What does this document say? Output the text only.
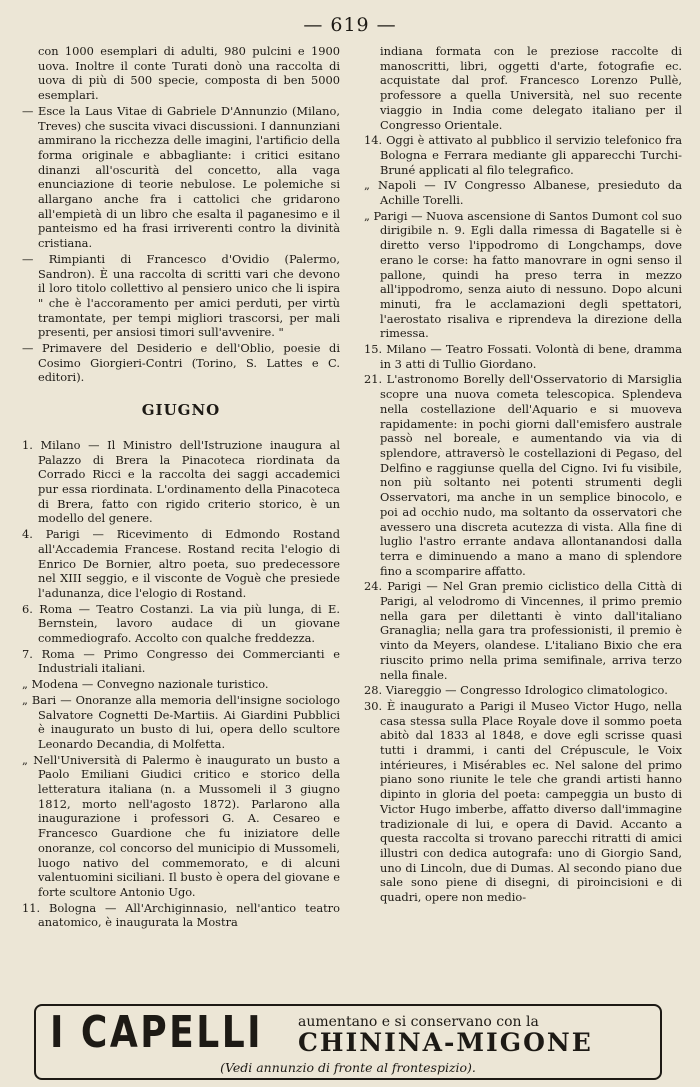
— 619 —

con 1000 esemplari di adulti, 980 pulcini e 1900 uova. Inoltre il conte Turati donò una raccolta di uova di più di 500 specie, composta di ben 5000 esemplari.

— Esce la Laus Vitae di Gabriele D'Annunzio (Milano, Treves) che suscita vivaci discussioni. I dannunziani ammirano la ricchezza delle imagini, l'artificio della forma originale e abbagliante: i critici esitano dinanzi all'oscurità del concetto, alla vaga enunciazione di teorie nebulose. Le polemiche si allargano anche fra i cattolici che gridarono all'empietà di un libro che esalta il paganesimo e il panteismo ed ha frasi irriverenti contro la divinità cristiana.

— Rimpianti di Francesco d'Ovidio (Palermo, Sandron). È una raccolta di scritti vari che devono il loro titolo collettivo al pensiero unico che li ispira " che è l'accoramento per amici perduti, per virtù tramontate, per tempi migliori trascorsi, per mali presenti, per ansiosi timori sull'avvenire. "

— Primavere del Desiderio e dell'Oblio, poesie di Cosimo Giorgieri-Contri (Torino, S. Lattes e C. editori).

GIUGNO

1. Milano — Il Ministro dell'Istruzione inaugura al Palazzo di Brera la Pinacoteca riordinata da Corrado Ricci e la raccolta dei saggi accademici pur essa riordinata. L'ordinamento della Pinacoteca di Brera, fatto con rigido criterio storico, è un modello del genere.

4. Parigi — Ricevimento di Edmondo Rostand all'Accademia Francese. Rostand recita l'elogio di Enrico De Bornier, altro poeta, suo predecessore nel XIII seggio, e il visconte de Voguè che presiede l'adunanza, dice l'elogio di Rostand.

6. Roma — Teatro Costanzi. La via più lunga, di E. Bernstein, lavoro audace di un giovane commediografo. Accolto con qualche freddezza.

7. Roma — Primo Congresso dei Commercianti e Industriali italiani.

„ Modena — Convegno nazionale turistico.

„ Bari — Onoranze alla memoria dell'insigne sociologo Salvatore Cognetti De-Martiis. Ai Giardini Pubblici è inaugurato un busto di lui, opera dello scultore Leonardo Decandia, di Molfetta.

„ Nell'Università di Palermo è inaugurato un busto a Paolo Emiliani Giudici critico e storico della letteratura italiana (n. a Mussomeli il 3 giugno 1812, morto nell'agosto 1872). Parlarono alla inaugurazione i professori G. A. Cesareo e Francesco Guardione che fu iniziatore delle onoranze, col concorso del municipio di Mussomeli, luogo nativo del commemorato, e di alcuni valentuomini siciliani. Il busto è opera del giovane e forte scultore Antonio Ugo.

11. Bologna — All'Archiginnasio, nell'antico teatro anatomico, è inaugurata la Mostra

indiana formata con le preziose raccolte di manoscritti, libri, oggetti d'arte, fotografie ec. acquistate dal prof. Francesco Lorenzo Pullè, professore a quella Università, nel suo recente viaggio in India come delegato italiano per il Congresso Orientale.

14. Oggi è attivato al pubblico il servizio telefonico fra Bologna e Ferrara mediante gli apparecchi Turchi-Bruné applicati al filo telegrafico.

„ Napoli — IV Congresso Albanese, presieduto da Achille Torelli.

„ Parigi — Nuova ascensione di Santos Dumont col suo dirigibile n. 9. Egli dalla rimessa di Bagatelle si è diretto verso l'ippodromo di Longchamps, dove erano le corse: ha fatto manovrare in ogni senso il pallone, quindi ha preso terra in mezzo all'ippodromo, senza aiuto di nessuno. Dopo alcuni minuti, fra le acclamazioni degli spettatori, l'aerostato risaliva e riprendeva la direzione della rimessa.

15. Milano — Teatro Fossati. Volontà di bene, dramma in 3 atti di Tullio Giordano.

21. L'astronomo Borelly dell'Osservatorio di Marsiglia scopre una nuova cometa telescopica. Splendeva nella costellazione dell'Aquario e si muoveva rapidamente: in pochi giorni dall'emisfero australe passò nel boreale, e aumentando via via di splendore, attraversò le costellazioni di Pegaso, del Delfino e raggiunse quella del Cigno. Ivi fu visibile, non più soltanto nei potenti strumenti degli Osservatori, ma anche in un semplice binocolo, e poi ad occhio nudo, ma soltanto da osservatori che avessero una discreta acutezza di vista. Alla fine di luglio l'astro errante andava allontanandosi dalla terra e diminuendo a mano a mano di splendore fino a scomparire affatto.

24. Parigi — Nel Gran premio ciclistico della Città di Parigi, al velodromo di Vincennes, il primo premio nella gara per dilettanti è vinto dall'italiano Granaglia; nella gara tra professionisti, il premio è vinto da Meyers, olandese. L'italiano Bixio che era riuscito primo nella prima semifinale, arriva terzo nella finale.

28. Viareggio — Congresso Idrologico climatologico.

30. È inaugurato a Parigi il Museo Victor Hugo, nella casa stessa sulla Place Royale dove il sommo poeta abitò dal 1833 al 1848, e dove egli scrisse quasi tutti i drammi, i canti del Crépuscule, le Voix intérieures, i Misérables ec. Nel salone del primo piano sono riunite le tele che grandi artisti hanno dipinto in gloria del poeta: campeggia un busto di Victor Hugo imberbe, affatto diverso dall'immagine tradizionale di lui, e opera di David. Accanto a questa raccolta si trovano parecchi ritratti di amici illustri con dedica autografa: uno di Giorgio Sand, uno di Lincoln, due di Dumas. Al secondo piano due sale sono piene di disegni, di piroincisioni e di quadri, opere non medio-

I CAPELLI aumentano e si conservano con la
CHININA-MIGONE
(Vedi annunzio di fronte al frontespizio).
